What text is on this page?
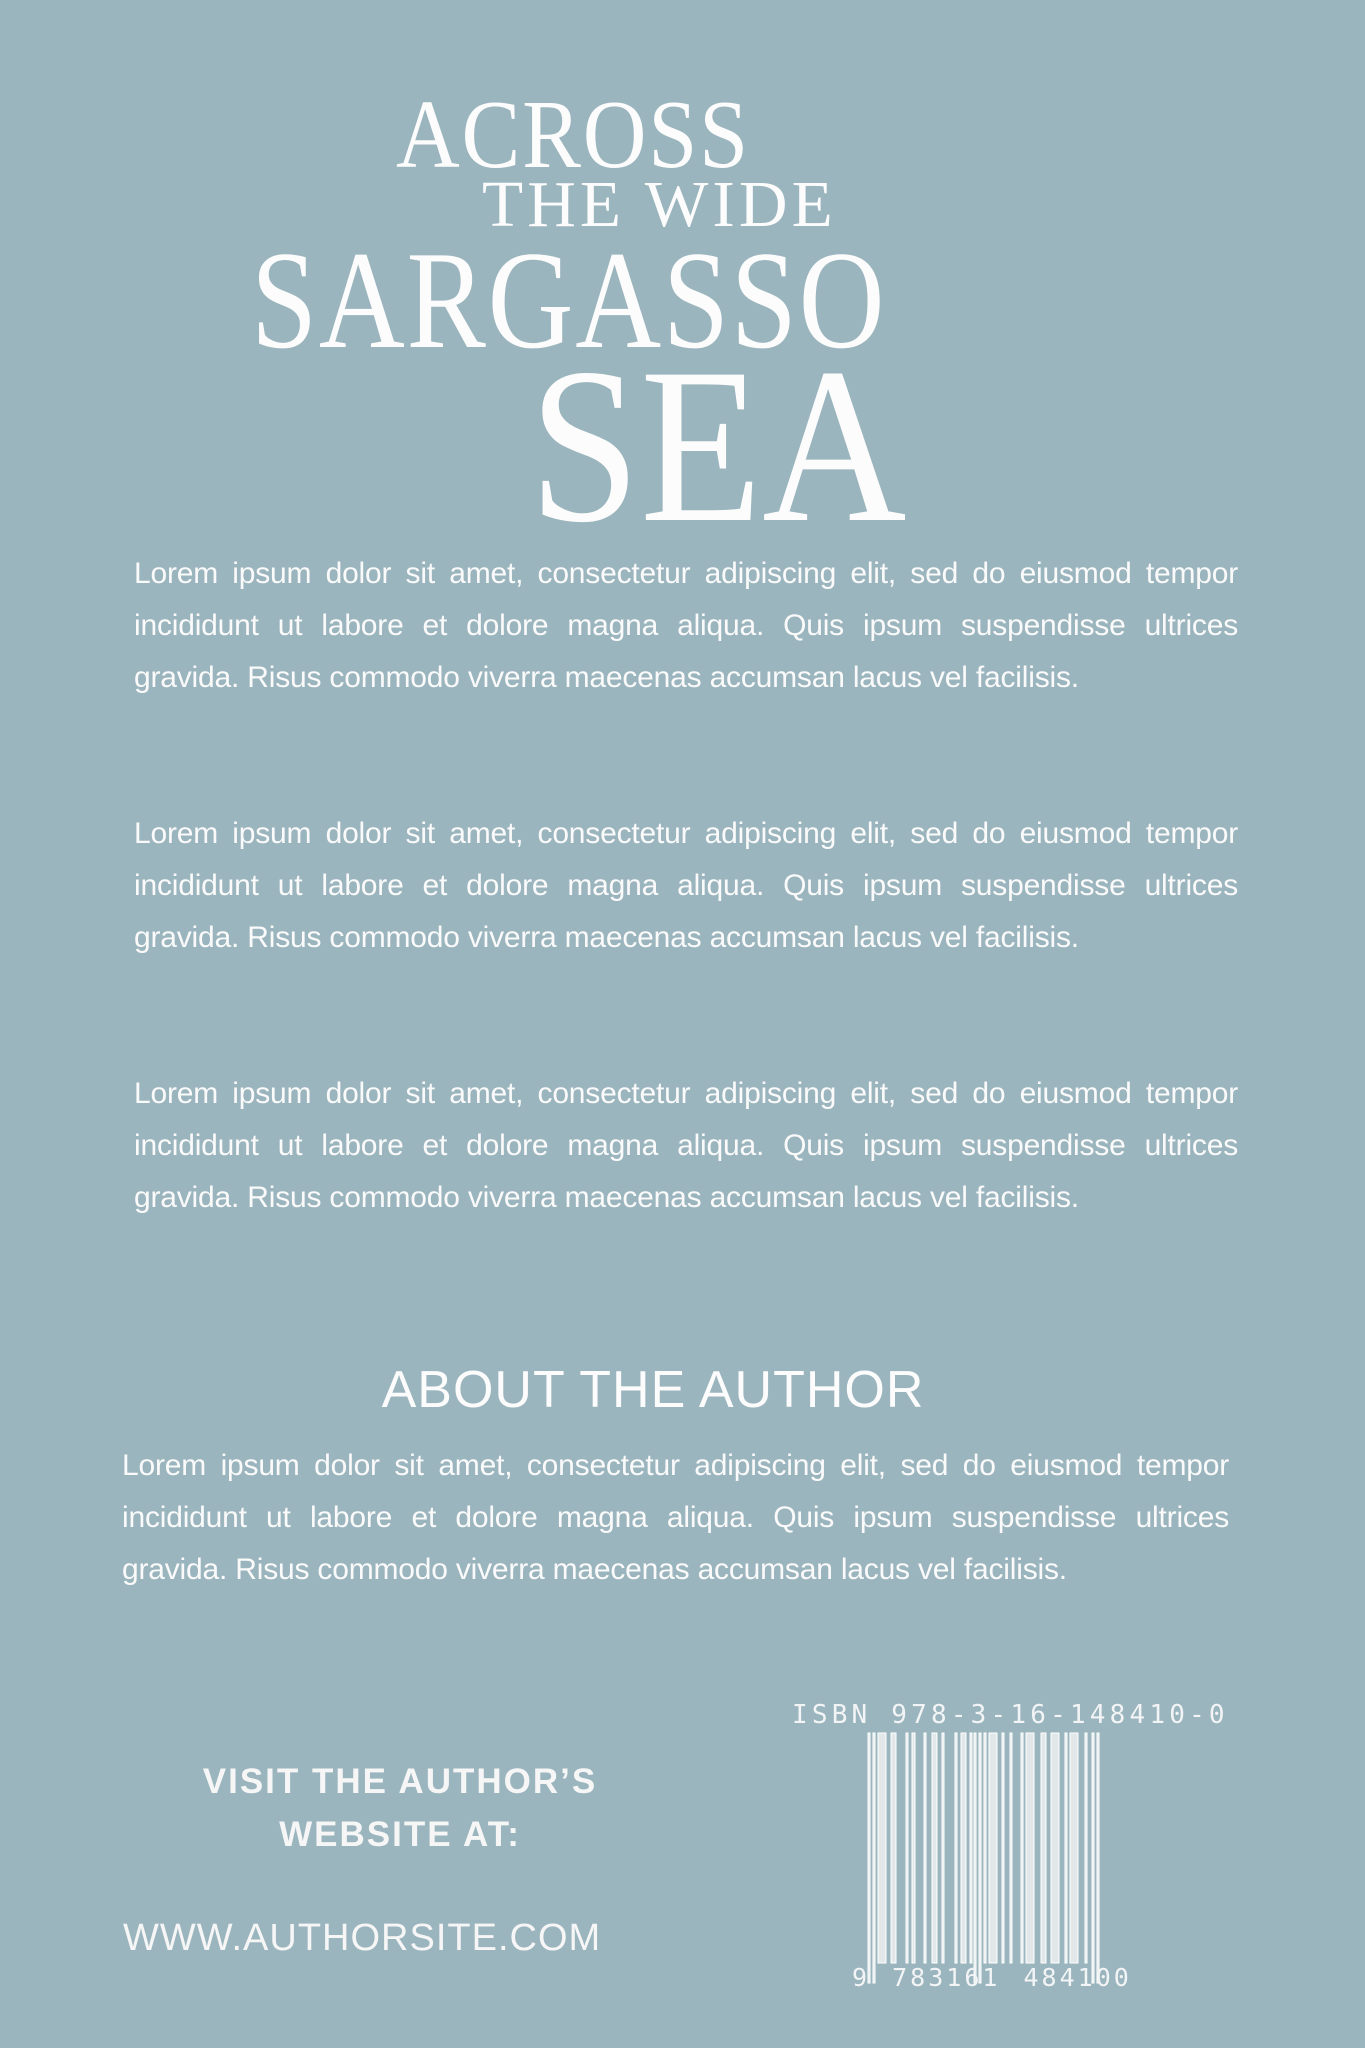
ACROSS
THE WIDE
SARGASSO
SEA

Lorem ipsum dolor sit amet, consectetur adipiscing elit, sed do eiusmod tempor incididunt ut labore et dolore magna aliqua. Quis ipsum suspendisse ultrices gravida. Risus commodo viverra maecenas accumsan lacus vel facilisis.

Lorem ipsum dolor sit amet, consectetur adipiscing elit, sed do eiusmod tempor incididunt ut labore et dolore magna aliqua. Quis ipsum suspendisse ultrices gravida. Risus commodo viverra maecenas accumsan lacus vel facilisis.

Lorem ipsum dolor sit amet, consectetur adipiscing elit, sed do eiusmod tempor incididunt ut labore et dolore magna aliqua. Quis ipsum suspendisse ultrices gravida. Risus commodo viverra maecenas accumsan lacus vel facilisis.

ABOUT THE AUTHOR

Lorem ipsum dolor sit amet, consectetur adipiscing elit, sed do eiusmod tempor incididunt ut labore et dolore magna aliqua. Quis ipsum suspendisse ultrices gravida. Risus commodo viverra maecenas accumsan lacus vel facilisis.

VISIT THE AUTHOR’S
WEBSITE AT:
WWW.AUTHORSITE.COM
ISBN 978-3-16-148410-0
9 783161 484100
